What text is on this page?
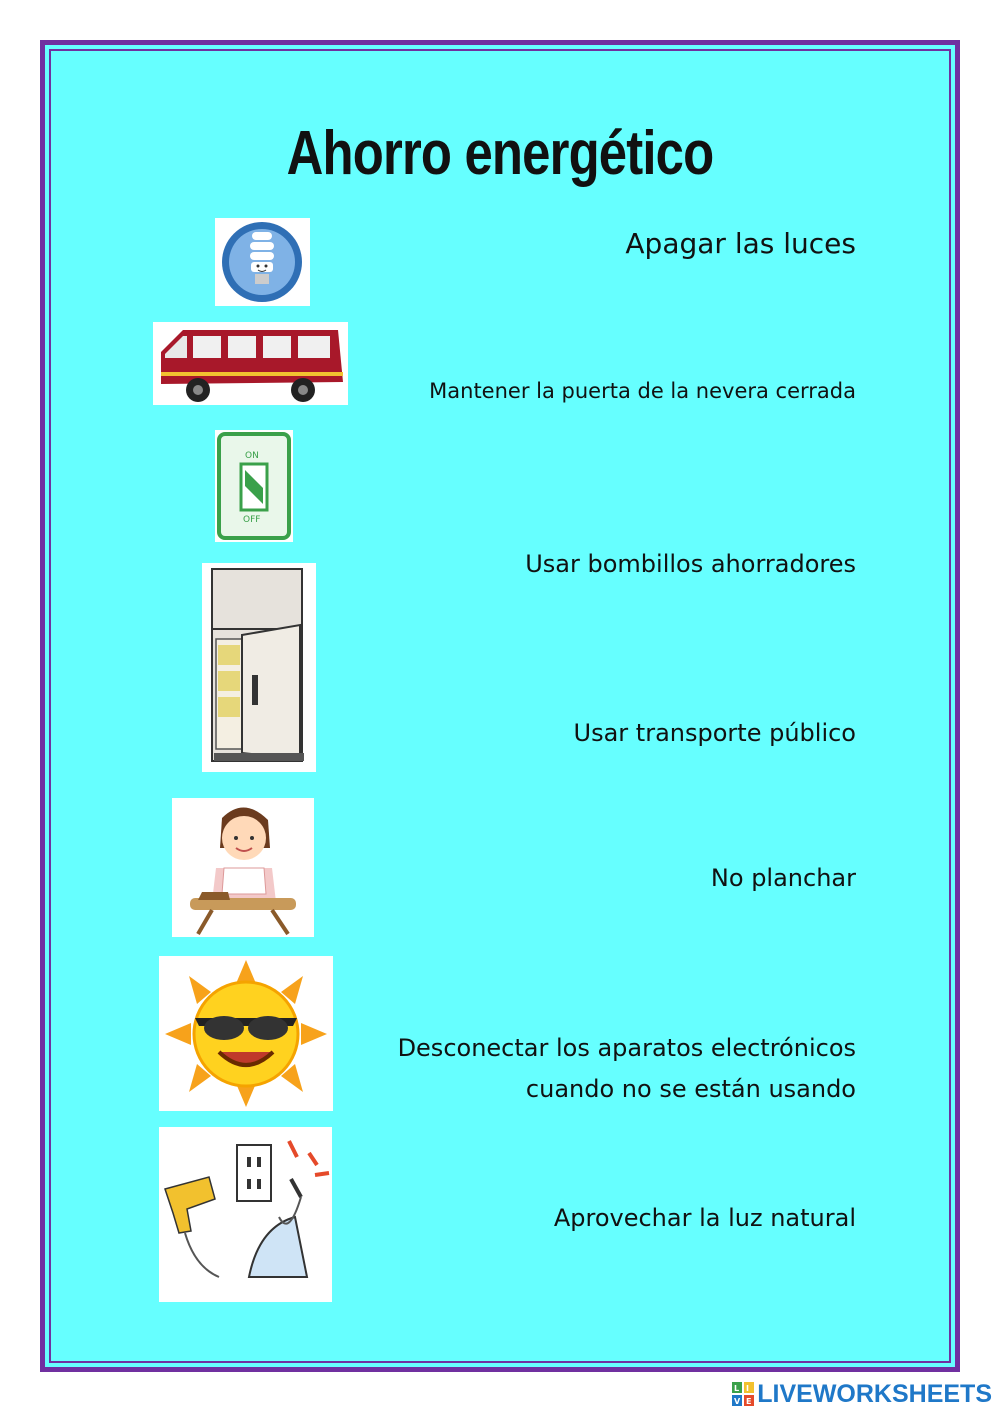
Ahorro energético
ON
OFF
Apagar las luces
Mantener la puerta de la nevera cerrada
Usar bombillos ahorradores
Usar transporte público
No planchar
Desconectar los aparatos electrónicos
cuando no se están usando
Aprovechar la luz natural
L I
V E LIVEWORKSHEETS
